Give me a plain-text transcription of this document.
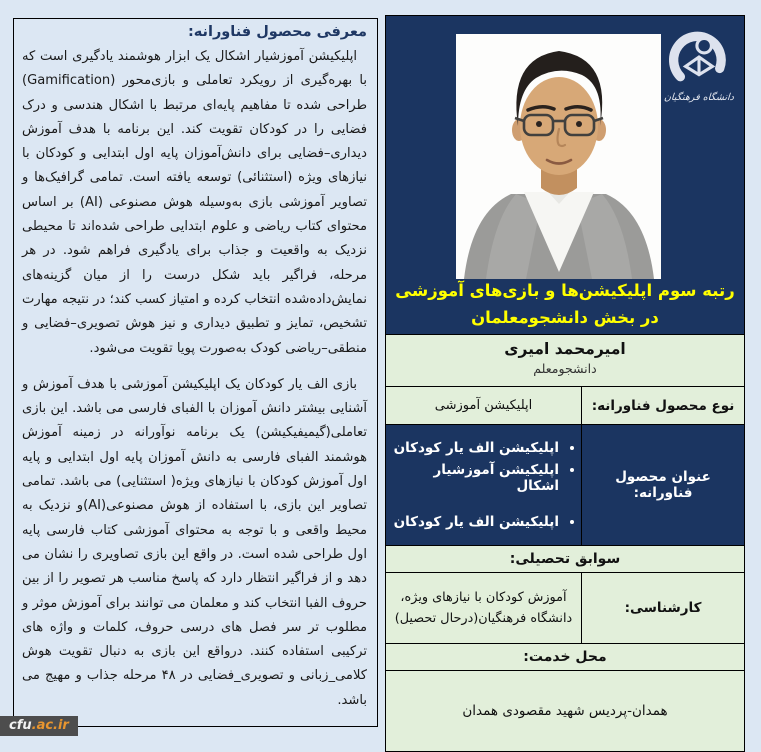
معرفی محصول فناورانه:

اپلیکیشن آموزشیار اشکال یک ابزار هوشمند یادگیری است که با بهره‌گیری از رویکرد تعاملی و بازی‌محور (Gamification) طراحی شده تا مفاهیم پایه‌ای مرتبط با اشکال هندسی و درک فضایی را در کودکان تقویت کند. این برنامه با هدف آموزش دیداری–فضایی برای دانش‌آموزان پایه اول ابتدایی و کودکان با نیازهای ویژه (استثنائی) توسعه یافته است. تمامی گرافیک‌ها و تصاویر آموزشی بازی به‌وسیله هوش مصنوعی (AI) بر اساس محتوای کتاب ریاضی و علوم ابتدایی طراحی شده‌اند تا محیطی نزدیک به واقعیت و جذاب برای یادگیری فراهم شود. در هر مرحله، فراگیر باید شکل درست را از میان گزینه‌های نمایش‌داده‌شده انتخاب کرده و امتیاز کسب کند؛ در نتیجه مهارت تشخیص، تمایز و تطبیق دیداری و نیز هوش تصویری–فضایی و منطقی–ریاضی کودک به‌صورت پویا تقویت می‌شود.

بازی الف یار کودکان یک اپلیکیشن آموزشی با هدف آموزش و آشنایی بیشتر دانش آموزان با الفبای فارسی می باشد. این بازی تعاملی(گیمیفیکیشن) یک برنامه نوآورانه در زمینه آموزش هوشمند الفبای فارسی به دانش آموزان پایه اول ابتدایی و پایه اول آموزش کودکان با نیازهای ویژه( استثنایی) می باشد. تمامی تصاویر این بازی، با استفاده از هوش مصنوعی(AI)و نزدیک به محیط واقعی و با توجه به محتوای آموزشی کتاب فارسی پایه اول طراحی شده است. در واقع این بازی تصاویری را نشان می دهد و از فراگیر انتظار دارد که پاسخ مناسب هر تصویر را از بین حروف الفبا انتخاب کند و معلمان می توانند برای آموزش موثر و مطلوب تر سر فصل های درسی حروف، کلمات و واژه های ترکیبی استفاده کنند. درواقع این بازی به دنبال تقویت هوش کلامی_زبانی و تصویری_فضایی در ۴۸ مرحله جذاب و مهیج می باشد.

دانشگاه فرهنگیان
رتبه سوم اپلیکیشن‌ها و بازی‌های آموزشی
در بخش دانشجومعلمان
امیرمحمد امیری
دانشجومعلم
نوع محصول فناورانه:
اپلیکیشن آموزشی
عنوان محصول فناورانه:
• اپلیکیشن الف یار کودکان
• اپلیکیشن آموزشیار اشکال
• اپلیکیشن الف یار کودکان
سوابق تحصیلی:
کارشناسی:
آموزش کودکان با نیازهای ویژه، دانشگاه فرهنگیان(درحال تحصیل)
محل خدمت:
همدان-پردیس شهید مقصودی همدان
cfu.ac.ir
